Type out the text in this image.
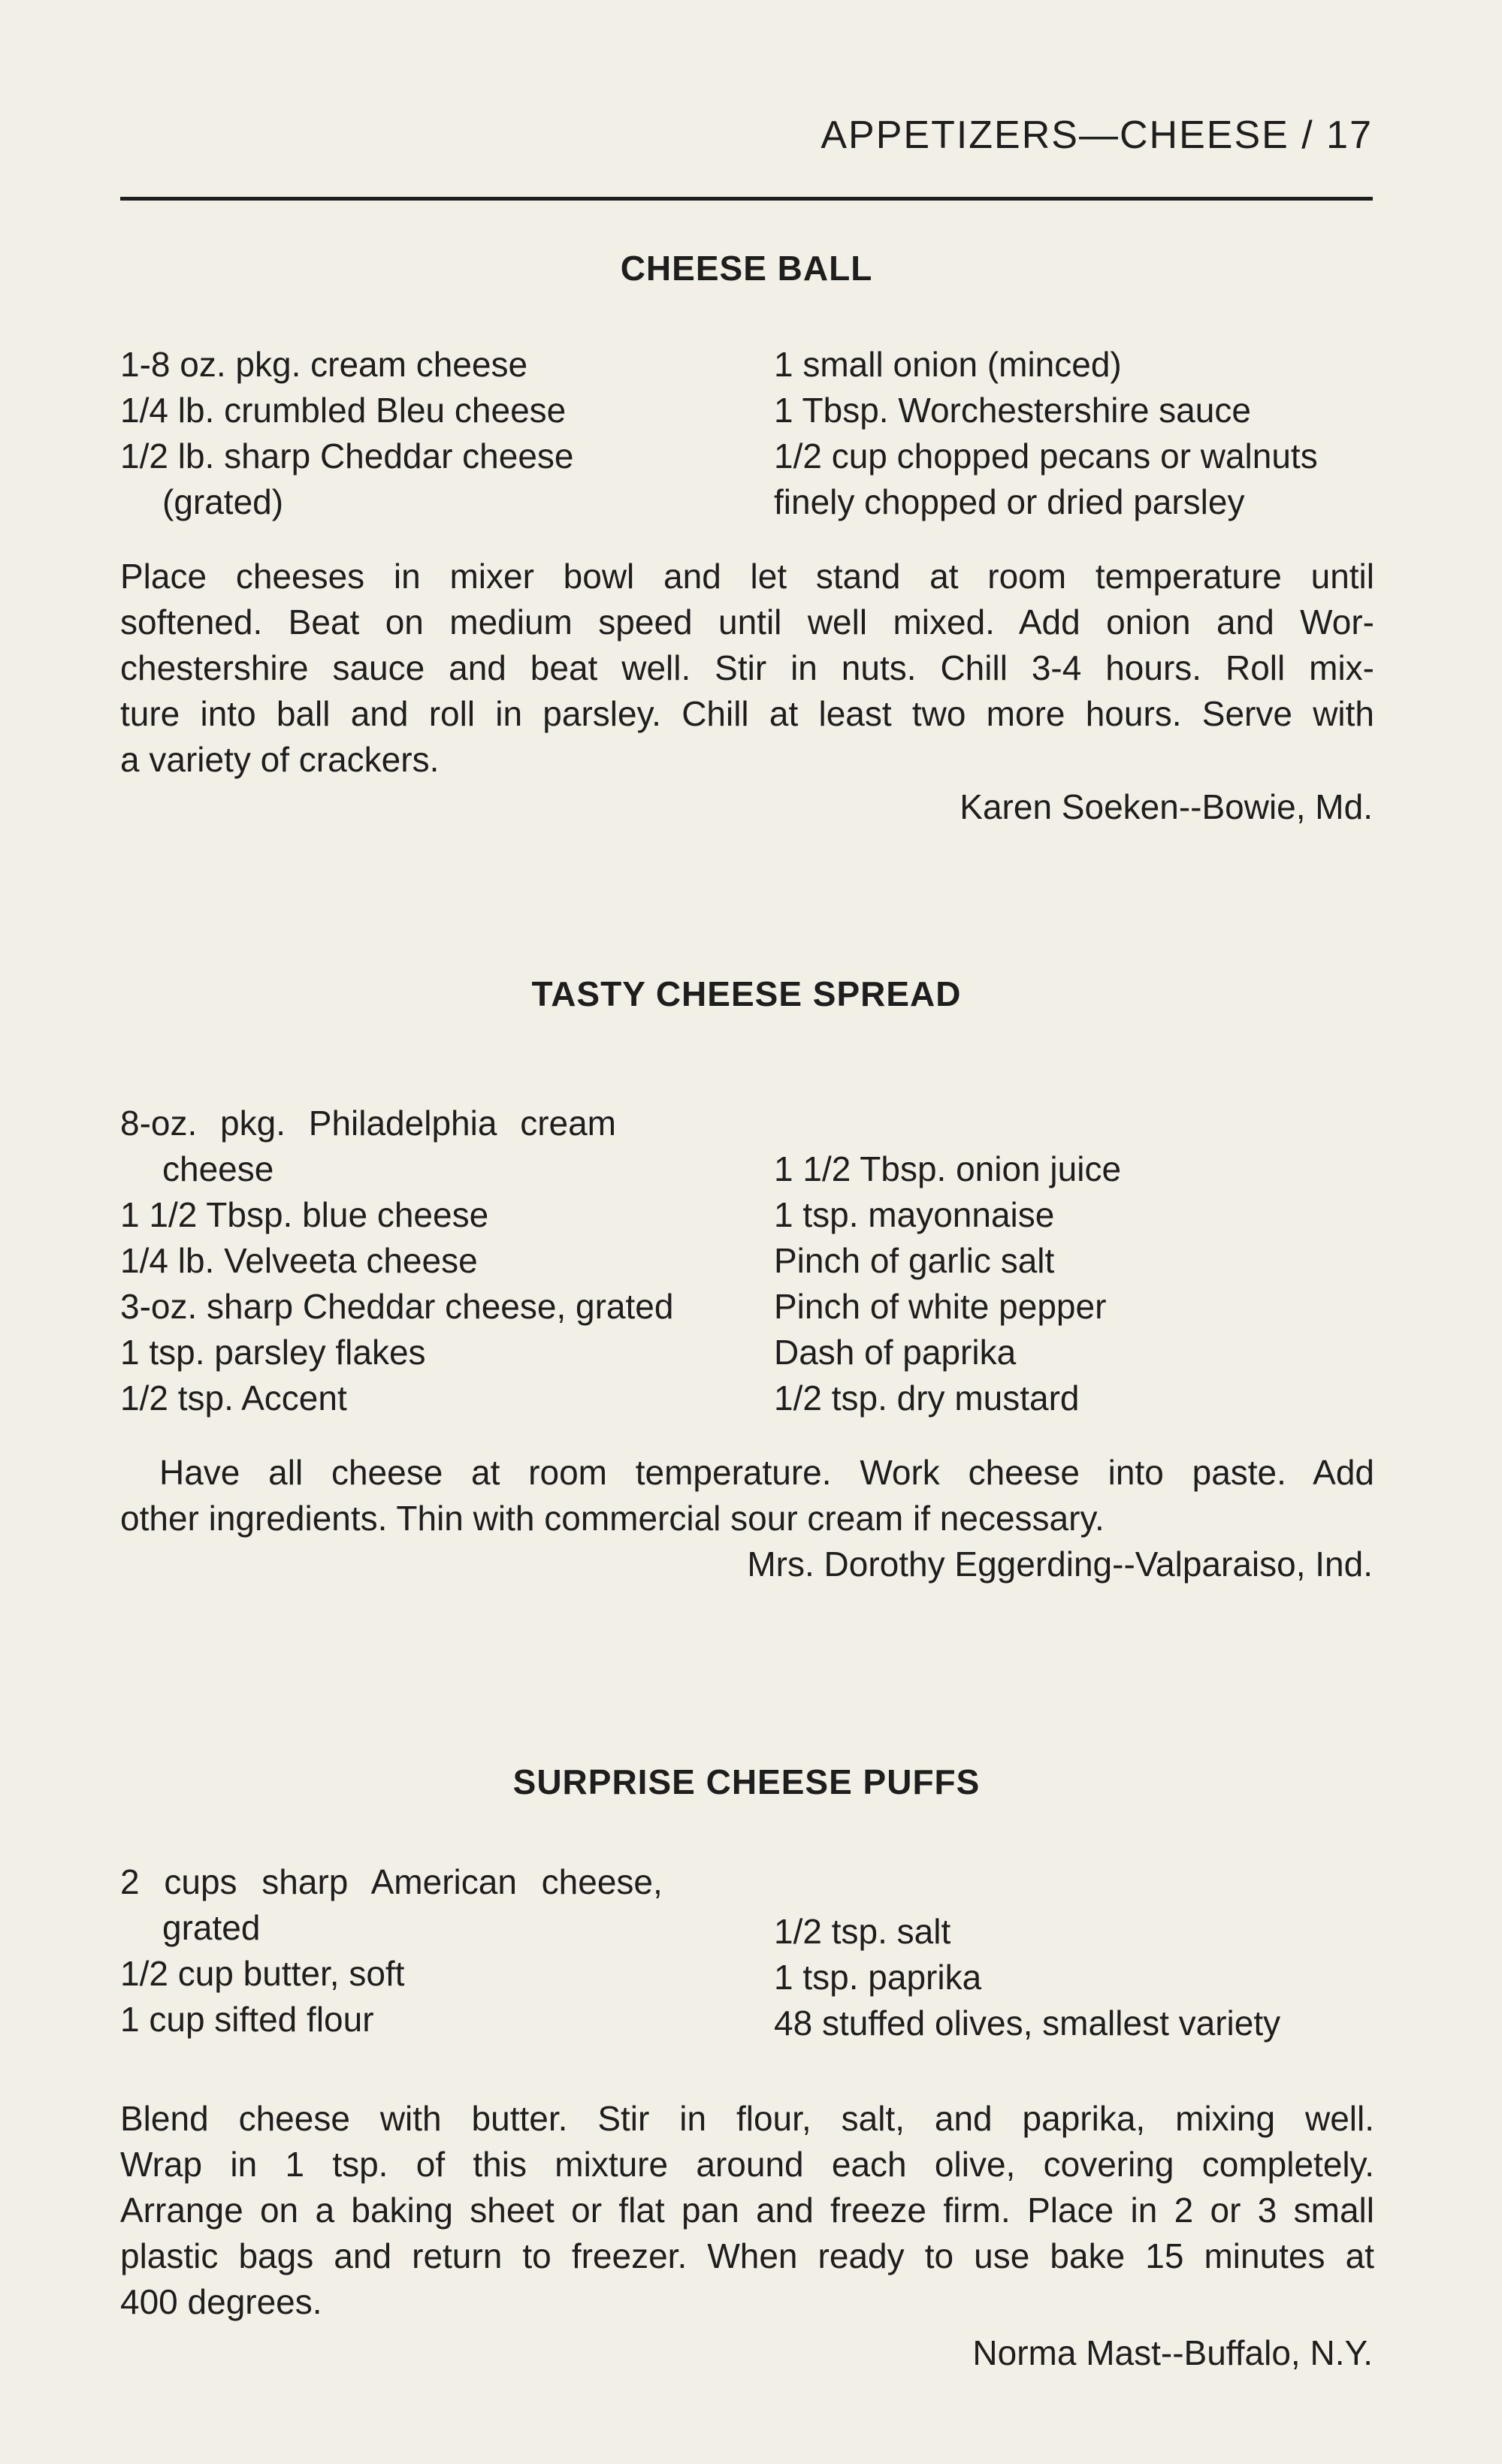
APPETIZERS—CHEESE / 17
CHEESE BALL
1-8 oz. pkg. cream cheese
1/4 lb. crumbled Bleu cheese
1/2 lb. sharp Cheddar cheese
(grated)
1 small onion (minced)
1 Tbsp. Worchestershire sauce
1/2 cup chopped pecans or walnuts
finely chopped or dried parsley
Place cheeses in mixer bowl and let stand at room temperature until
softened. Beat on medium speed until well mixed. Add onion and Wor-
chestershire sauce and beat well. Stir in nuts. Chill 3-4 hours. Roll mix-
ture into ball and roll in parsley. Chill at least two more hours. Serve with
a variety of crackers.
Karen Soeken--Bowie, Md.
TASTY CHEESE SPREAD
8-oz. pkg. Philadelphia cream
cheese
1 1/2 Tbsp. blue cheese
1/4 lb. Velveeta cheese
3-oz. sharp Cheddar cheese, grated
1 tsp. parsley flakes
1/2 tsp. Accent
1 1/2 Tbsp. onion juice
1 tsp. mayonnaise
Pinch of garlic salt
Pinch of white pepper
Dash of paprika
1/2 tsp. dry mustard
Have all cheese at room temperature. Work cheese into paste. Add
other ingredients. Thin with commercial sour cream if necessary.
Mrs. Dorothy Eggerding--Valparaiso, Ind.
SURPRISE CHEESE PUFFS
2 cups sharp American cheese,
grated
1/2 cup butter, soft
1 cup sifted flour
1/2 tsp. salt
1 tsp. paprika
48 stuffed olives, smallest variety
Blend cheese with butter. Stir in flour, salt, and paprika, mixing well.
Wrap in 1 tsp. of this mixture around each olive, covering completely.
Arrange on a baking sheet or flat pan and freeze firm. Place in 2 or 3 small
plastic bags and return to freezer. When ready to use bake 15 minutes at
400 degrees.
Norma Mast--Buffalo, N.Y.
